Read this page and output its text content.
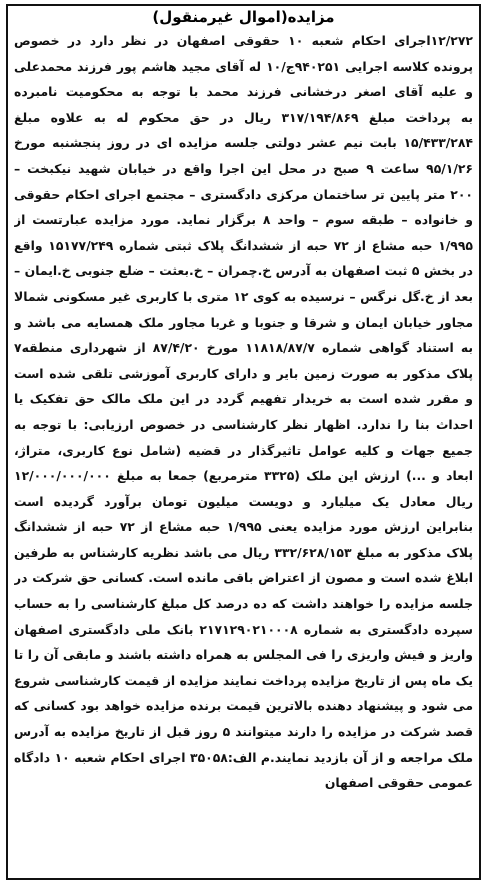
مزایده(اموال غیرمنقول)
۱۲/۲۷۲اجرای احکام شعبه ۱۰ حقوقی اصفهان در نظر دارد در خصوص
پرونده کلاسه اجرایی ۹۴۰۲۵۱ج/۱۰ له آقای مجید هاشم پور فرزند محمدعلی
و علیه آقای اصغر درخشانی فرزند محمد با توجه به محکومیت نامبرده
به پرداخت مبلغ ۳۱۷/۱۹۴/۸۶۹ ریال در حق محکوم له به علاوه مبلغ
۱۵/۴۳۳/۲۸۴ بابت نیم عشر دولتی جلسه مزایده ای در روز پنجشنبه مورخ
۹۵/۱/۲۶ ساعت ۹ صبح در محل این اجرا واقع در خیابان شهید نیکبخت –
۲۰۰ متر پایین تر ساختمان مرکزی دادگستری – مجتمع اجرای احکام حقوقی
و خانواده – طبقه سوم – واحد ۸ برگزار نماید. مورد مزایده عبارتست از
۱/۹۹۵ حبه مشاع از ۷۲ حبه از ششدانگ پلاک ثبتی شماره ۱۵۱۷۷/۲۴۹ واقع
در بخش ۵ ثبت اصفهان به آدرس خ.چمران – خ.بعثت – ضلع جنوبی خ.ایمان –
بعد از خ.گل نرگس – نرسیده به کوی ۱۲ متری با کاربری غیر مسکونی شمالا
مجاور خیابان ایمان و شرقا و جنوبا و غربا مجاور ملک همسایه می باشد و
به استناد گواهی شماره ۱۱۸۱۸/۸۷/۷ مورخ ۸۷/۴/۲۰ از شهرداری منطقه۷
پلاک مذکور به صورت زمین بایر و دارای کاربری آموزشی تلقی شده است
و مقرر شده است به خریدار تفهیم گردد در این ملک مالک حق تفکیک یا
احداث بنا را ندارد. اظهار نظر کارشناسی در خصوص ارزیابی: با توجه به
جمیع جهات و کلیه عوامل تاثیرگذار در قضیه (شامل نوع کاربری، متراژ،
ابعاد و ...) ارزش این ملک (۳۳۲۵ مترمربع) جمعا به مبلغ ۱۲/۰۰۰/۰۰۰/۰۰۰
ریال معادل یک میلیارد و دویست میلیون تومان برآورد گردیده است
بنابراین ارزش مورد مزایده یعنی ۱/۹۹۵ حبه مشاع از ۷۲ حبه از ششدانگ
پلاک مذکور به مبلغ ۳۳۲/۶۲۸/۱۵۳ ریال می باشد نظریه کارشناس به طرفین
ابلاغ شده است و مصون از اعتراض باقی مانده است. کسانی حق شرکت در
جلسه مزایده را خواهند داشت که ده درصد کل مبلغ کارشناسی را به حساب
سپرده دادگستری به شماره ۲۱۷۱۲۹۰۲۱۰۰۰۸ بانک ملی دادگستری اصفهان
واریز و فیش واریزی را فی المجلس به همراه داشته باشند و مابقی آن را تا
یک ماه پس از تاریخ مزایده پرداخت نمایند مزایده از قیمت کارشناسی شروع
می شود و پیشنهاد دهنده بالاترین قیمت برنده مزایده خواهد بود کسانی که
قصد شرکت در مزایده را دارند میتوانند ۵ روز قبل از تاریخ مزایده به آدرس
ملک مراجعه و از آن بازدید نمایند.م الف:۳۵۰۵۸ اجرای احکام شعبه ۱۰ دادگاه
عمومی حقوقی اصفهان
